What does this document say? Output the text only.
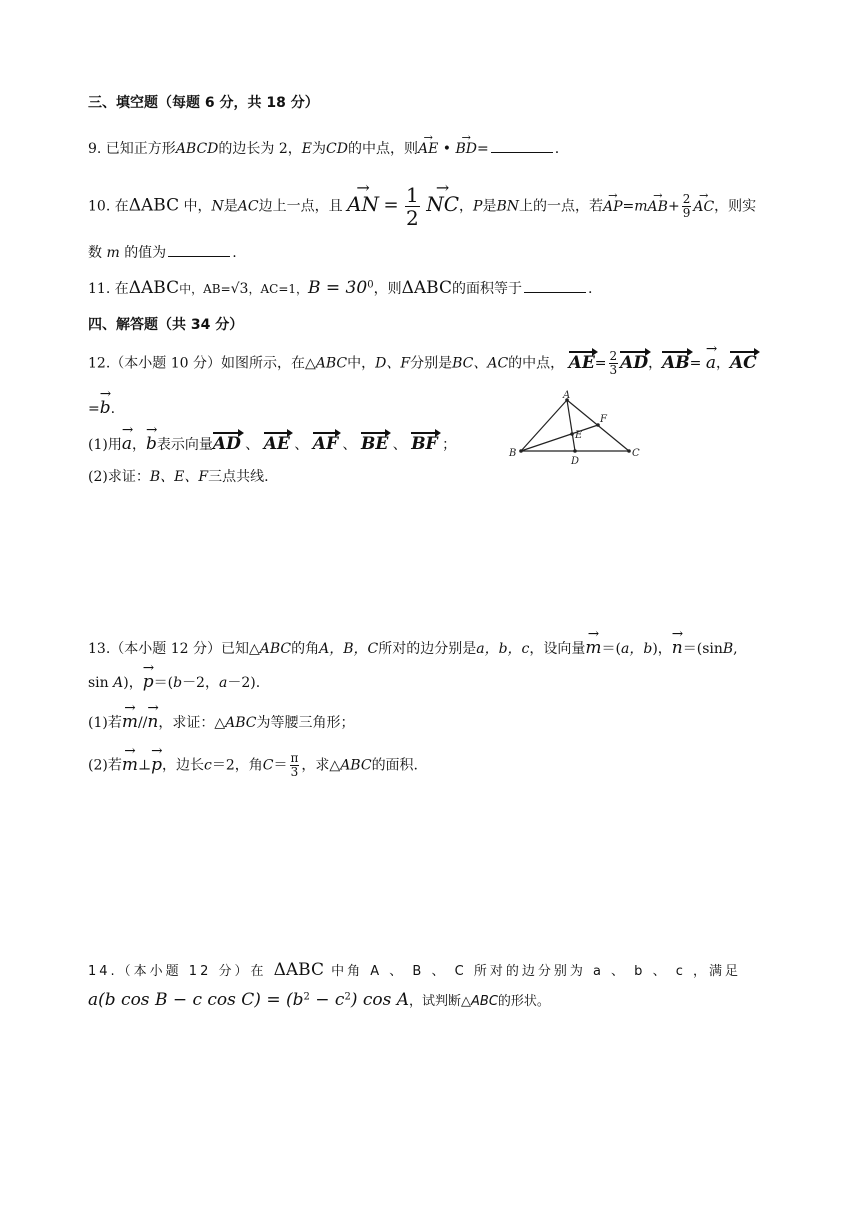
三、填空题（每题 6 分，共 18 分）
9. 已知正方形ABCD的边长为 2，E为CD的中点，则→ AE • → BD=	.
10. 在ΔABC 中，N是AC边上一点，且 → AN = $\frac{1}{2}$ → NC，P是BN上的一点，若→ $AP=m\to AB+ \frac{2}{9}$ → AC，则实
数 m 的值为	.
11. 在ΔABC中，AB=√3，AC=1，$B = 30^0$，则ΔABC的面积等于	.
四、解答题（共 34 分）
12.（本小题 10 分）如图所示，在△ABC中，D、F分别是BC、AC的中点， $AE= \frac{2}{3}$ AD，AB= → a，AC
=→ b.
(1)用→ a，→ b表示向量AD 、 AE 、 AF 、 BE 、 BF ；
(2)求证：B、E、F三点共线.
A
B	C
D
E
F
13.（本小题 12 分）已知△ABC的角A，B，C所对的边分别是a，b，c，设向量→ m＝(a，b)，→ n＝(sinB,
sin A)，→ p＝(b－2，a－2).
(1)若→ m//→ n，求证：△ABC为等腰三角形；
(2)若→ m⊥→ p，边长c＝2，角$C= \frac{\pi}{3}$ ，求△ABC的面积.
14.（本小题 12 分）在 ΔABC 中角 A 、 B 、 C 所对的边分别为 a 、 b 、 c ，满足
a(b cos B − c $\cos C) = (b^2 - c^2)$ cos A，试判断△ABC的形状。
